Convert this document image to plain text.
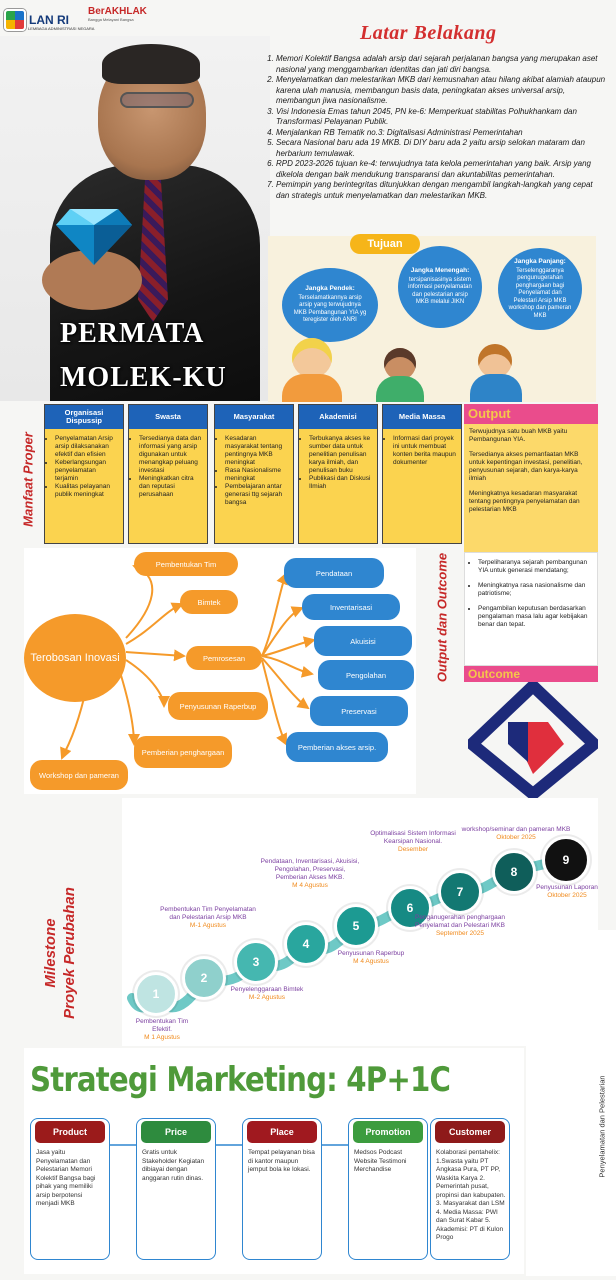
LAN RI
LEMBAGA ADMINISTRASI NEGARA
BerAKHLAK
Bangga Melayani Bangsa
PERMATA
MOLEK-KU
Latar Belakang
1. Memori Kolektif Bangsa adalah arsip dari sejarah perjalanan bangsa yang merupakan aset nasional yang menggambarkan identitas dan jati diri bangsa.
2. Menyelamatkan dan melestarikan MKB dari kemusnahan atau hilang akibat alamiah ataupun karena ulah manusia, membangun basis data, peningkatan akses universal arsip, membangun jiwa nasionalisme.
3. Visi Indonesia Emas tahun 2045, PN ke-6: Memperkuat stabilitas Polhukhankam dan Transformasi Pelayanan Publik.
4. Menjalankan RB Tematik no.3: Digitalisasi Administrasi Pemerintahan
5. Secara Nasional baru ada 19 MKB. Di DIY baru ada 2 yaitu arsip selokan mataram dan herbarium temulawak.
6. RPD 2023-2026 tujuan ke-4: terwujudnya tata kelola pemerintahan yang baik. Arsip yang dikelola dengan baik mendukung transparansi dan akuntabilitas pemerintahan.
7. Pemimpin yang berintegritas ditunjukkan dengan mengambil langkah-langkah yang cepat dan strategis untuk menyelamatkan dan melestarikan MKB.
Tujuan
Jangka Pendek:
Terselamatkannya arsip arsip yang terwujudnya MKB Pembangunan YIA yg teregister oleh ANRI
Jangka Menengah:
tersipanisasinya sistem informasi penyelamatan dan pelestarian arsip MKB melalui JIKN
Jangka Panjang:
Terselenggaranya pengunugerahan penghargaan bagi Penyelamat dan Pelestari Arsip MKB workshop dan pameran MKB
Manfaat Proper
Organisasi Dispussip
• Penyelamatan Arsip arsip dilaksanakan efektif dan efisien
• Keberlangsungan penyelamatan terjamin
• Kualitas pelayanan publik meningkat
Swasta
• Tersedianya data dan informasi yang arsip digunakan untuk menangkap peluang investasi
• Meningkatkan citra dan reputasi perusahaan
Masyarakat
• Kesadaran masyarakat tentang pentingnya MKB meningkat
• Rasa Nasionalisme meningkat
• Pembelajaran antar generasi ttg sejarah bangsa
Akademisi
• Terbukanya akses ke sumber data untuk penelitian penulisan karya ilmiah, dan penulisan buku
• Publikasi dan Diskusi Ilmiah
Media Massa
• Informasi dari proyek ini untuk membuat konten berita maupun dokumenter
Output

Terwujudnya satu buah MKB yaitu Pembangunan YIA.

Tersedianya akses pemanfaatan MKB untuk kepentingan investasi, penelitian, penyusunan sejarah, dan karya-karya ilmiah

Meningkatnya kesadaran masyarakat tentang pentingnya penyelamatan dan pelestarian MKB

Terobosan Inovasi
Pembentukan Tim
Bimtek
Pemrosesan
Penyusunan Raperbup
Pemberian penghargaan
Workshop dan pameran
Pendataan
Inventarisasi
Akuisisi
Pengolahan
Preservasi
Pemberian akses arsip.
Output dan Outcome
•	Terpeliharanya sejarah pembangunan YIA untuk generasi mendatang;
• Meningkatnya rasa nasionalisme dan patriotisme;
• Pengambilan keputusan berdasarkan pengalaman masa lalu agar kebijakan benar dan tepat.
Outcome
Milestone Proyek Perubahan	1
Pembentukan Tim Efektif.
M 1 Agustus
2
Pembentukan Tim Penyelamatan dan Pelestarian Arsip MKB
M-1 Agustus
3
Penyelenggaraan Bimtek
M-2 Agustus
4
Pendataan, Inventarisasi, Akuisisi, Pengolahan, Preservasi, Pemberian Akses MKB.
M 4 Agustus
5
Penyusunan Raperbup
M 4 Agustus
6
Optimalisasi Sistem Informasi Kearsipan Nasional.
Desember
7
Penganugerahan penghargaan Penyelamat dan Pelestari MKB
September 2025
8
workshop/seminar dan pameran MKB
Oktober 2025
9
Penyusunan Laporan
Oktober 2025
Strategi Marketing: 4P+1C
Product
Jasa yaitu Penyelamatan dan Pelestarian Memori Kolektif Bangsa bagi pihak yang memiliki arsip berpotensi menjadi MKB
Price
Gratis untuk Stakeholder Kegiatan dibiayai dengan anggaran rutin dinas.
Place
Tempat pelayanan bisa di kantor maupun jemput bola ke lokasi.
Promotion
Medsos Podcast Website Testimoni Merchandise
Customer
Kolaborasi pentahelix: 1.Swasta yaitu PT Angkasa Pura, PT PP, Waskita Karya 2. Pemerintah pusat, propinsi dan kabupaten. 3. Masyarakat dan LSM 4. Media Massa: PWI dan Surat Kabar 5. Akademisi: PT di Kulon Progo
Penyelamatan dan Pelestarian
